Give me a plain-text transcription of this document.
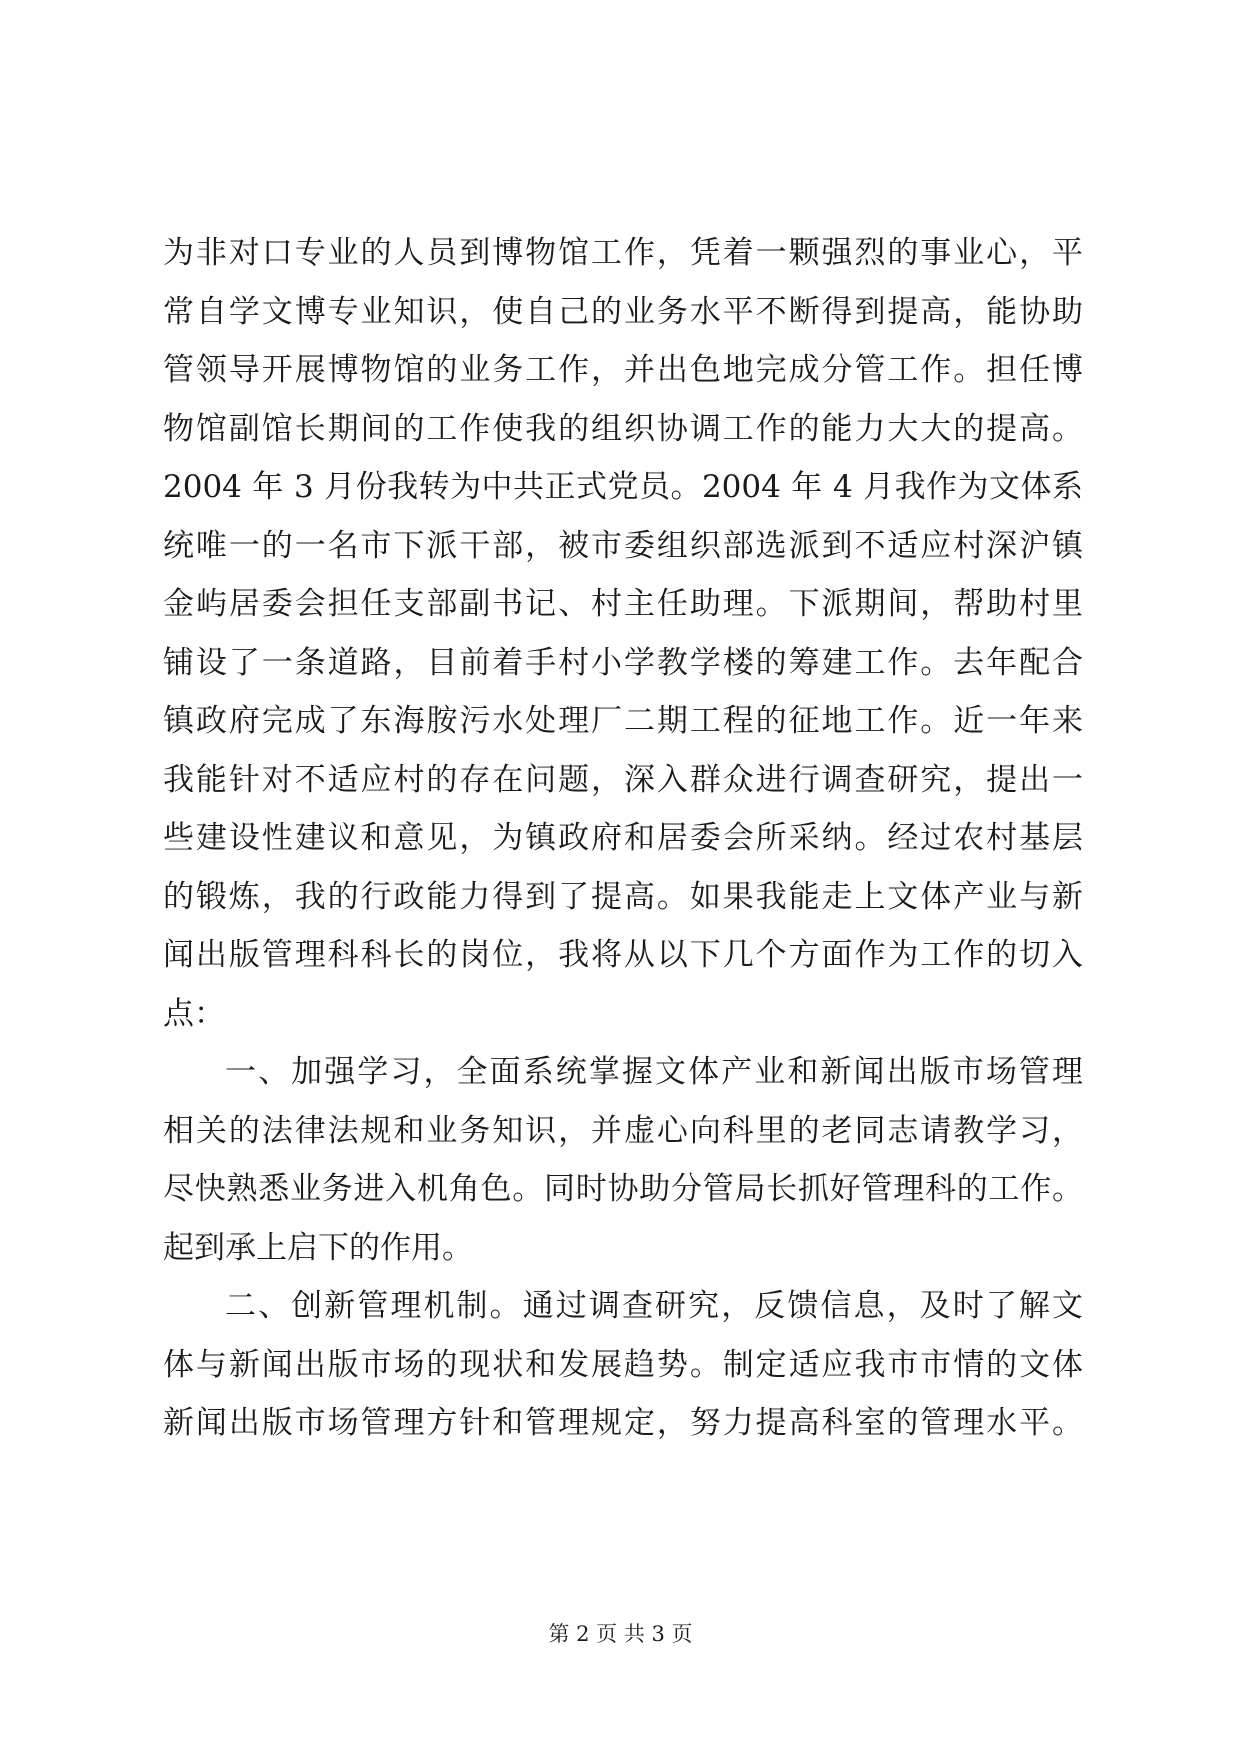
为非对口专业的人员到博物馆工作，凭着一颗强烈的事业心，平
常自学文博专业知识，使自己的业务水平不断得到提高，能协助
管领导开展博物馆的业务工作，并出色地完成分管工作。担任博
物馆副馆长期间的工作使我的组织协调工作的能力大大的提高。
2004 年 3 月份我转为中共正式党员。2004 年 4 月我作为文体系
统唯一的一名市下派干部，被市委组织部选派到不适应村深沪镇
金屿居委会担任支部副书记、村主任助理。下派期间，帮助村里
铺设了一条道路，目前着手村小学教学楼的筹建工作。去年配合
镇政府完成了东海胺污水处理厂二期工程的征地工作。近一年来
我能针对不适应村的存在问题，深入群众进行调查研究，提出一
些建设性建议和意见，为镇政府和居委会所采纳。经过农村基层
的锻炼，我的行政能力得到了提高。如果我能走上文体产业与新
闻出版管理科科长的岗位，我将从以下几个方面作为工作的切入
点：
一、加强学习，全面系统掌握文体产业和新闻出版市场管理
相关的法律法规和业务知识，并虚心向科里的老同志请教学习，
尽快熟悉业务进入机角色。同时协助分管局长抓好管理科的工作。
起到承上启下的作用。
二、创新管理机制。通过调查研究，反馈信息，及时了解文
体与新闻出版市场的现状和发展趋势。制定适应我市市情的文体
新闻出版市场管理方针和管理规定，努力提高科室的管理水平。
第 2 页 共 3 页
